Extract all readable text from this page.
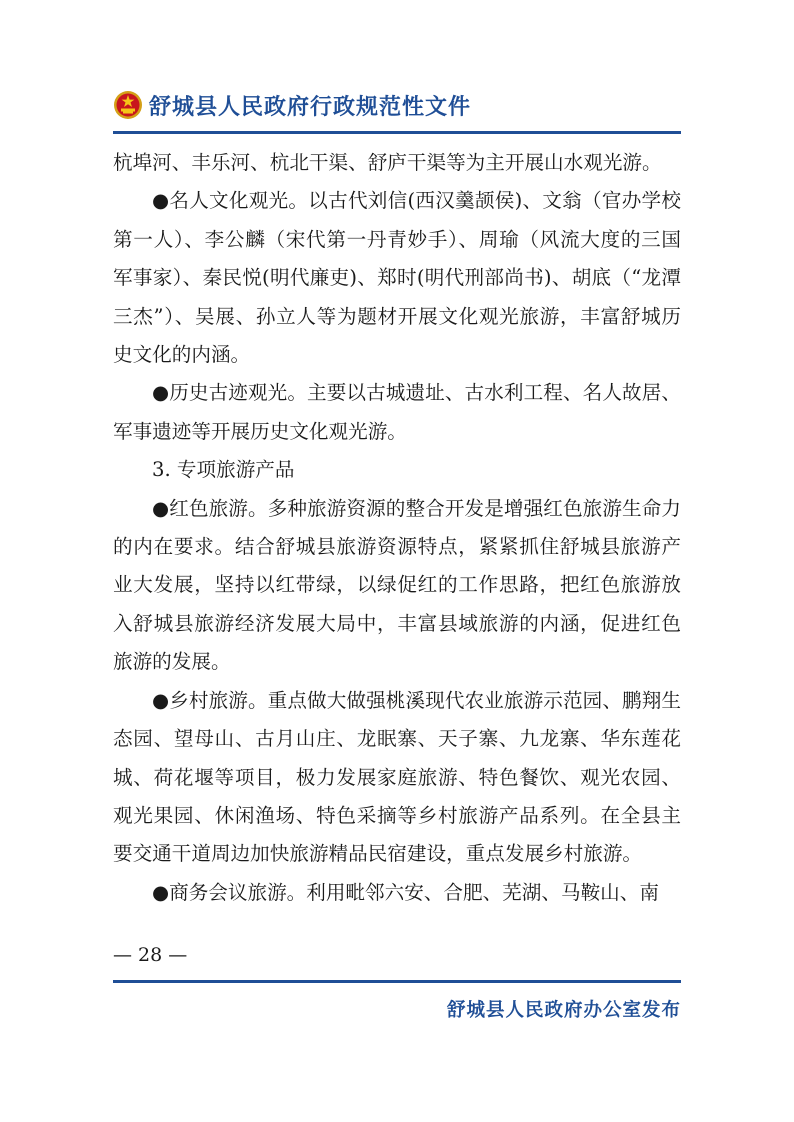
舒城县人民政府行政规范性文件

杭埠河、丰乐河、杭北干渠、舒庐干渠等为主开展山水观光游。

●名人文化观光。以古代刘信(西汉羹颉侯)、文翁（官办学校第一人）、李公麟（宋代第一丹青妙手）、周瑜（风流大度的三国军事家）、秦民悦(明代廉吏)、郑时(明代刑部尚书)、胡底（“龙潭三杰”）、吴展、孙立人等为题材开展文化观光旅游，丰富舒城历史文化的内涵。

●历史古迹观光。主要以古城遗址、古水利工程、名人故居、军事遗迹等开展历史文化观光游。

3. 专项旅游产品

●红色旅游。多种旅游资源的整合开发是增强红色旅游生命力的内在要求。结合舒城县旅游资源特点，紧紧抓住舒城县旅游产业大发展，坚持以红带绿，以绿促红的工作思路，把红色旅游放入舒城县旅游经济发展大局中，丰富县域旅游的内涵，促进红色旅游的发展。

●乡村旅游。重点做大做强桃溪现代农业旅游示范园、鹏翔生态园、望母山、古月山庄、龙眠寨、天子寨、九龙寨、华东莲花城、荷花堰等项目，极力发展家庭旅游、特色餐饮、观光农园、观光果园、休闲渔场、特色采摘等乡村旅游产品系列。在全县主要交通干道周边加快旅游精品民宿建设，重点发展乡村旅游。

●商务会议旅游。利用毗邻六安、合肥、芜湖、马鞍山、南

— 28 —
舒城县人民政府办公室发布
